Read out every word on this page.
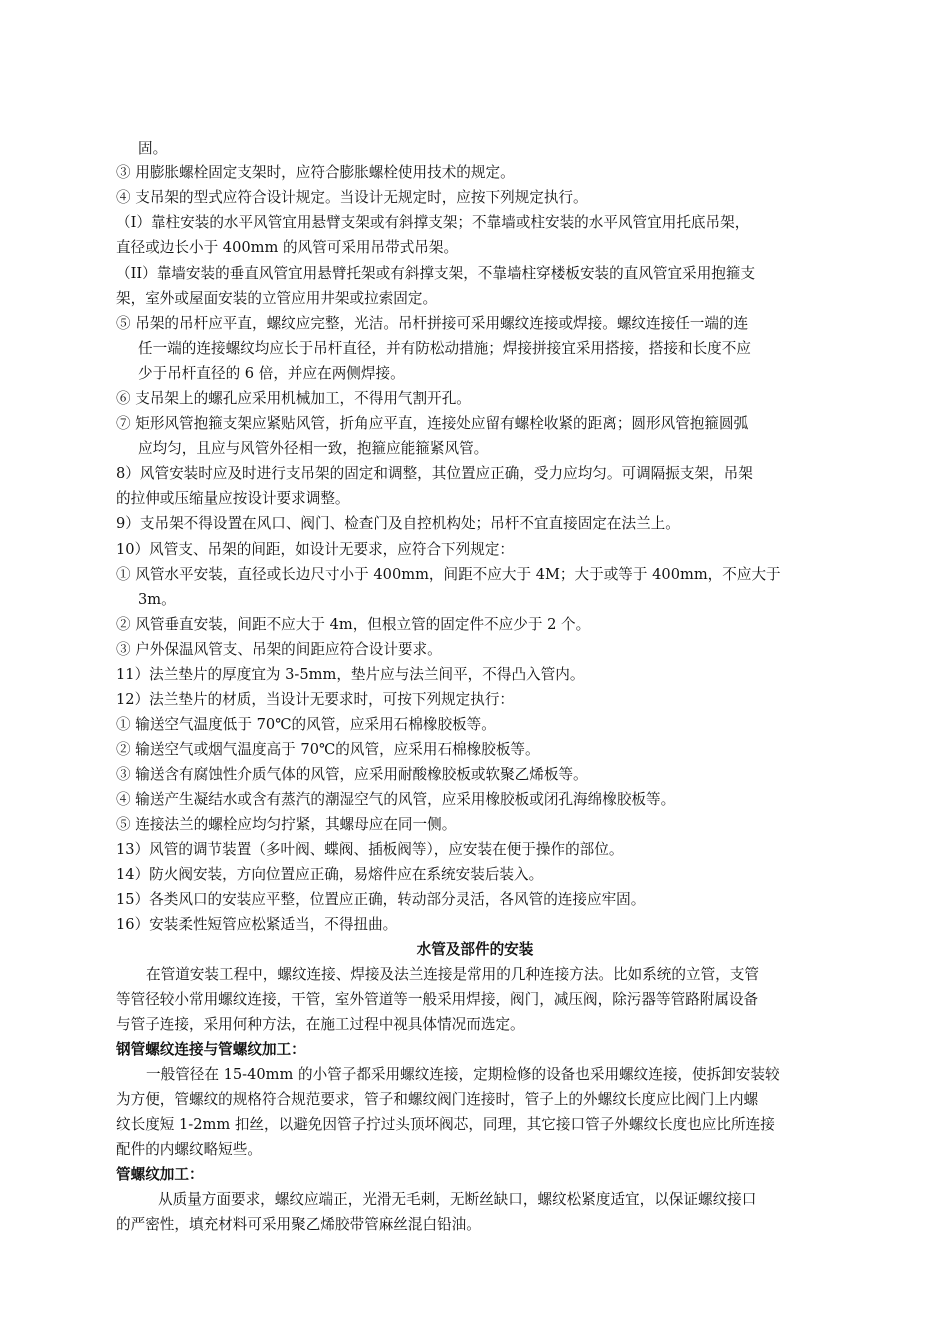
固。
③ 用膨胀螺栓固定支架时，应符合膨胀螺栓使用技术的规定。
④ 支吊架的型式应符合设计规定。当设计无规定时，应按下列规定执行。
（I）靠柱安装的水平风管宜用悬臂支架或有斜撑支架；不靠墙或柱安装的水平风管宜用托底吊架，
直径或边长小于 400mm 的风管可采用吊带式吊架。
（II）靠墙安装的垂直风管宜用悬臂托架或有斜撑支架，不靠墙柱穿楼板安装的直风管宜采用抱箍支
架，室外或屋面安装的立管应用井架或拉索固定。
⑤ 吊架的吊杆应平直，螺纹应完整，光洁。吊杆拼接可采用螺纹连接或焊接。螺纹连接任一端的连
任一端的连接螺纹均应长于吊杆直径，并有防松动措施；焊接拼接宜采用搭接，搭接和长度不应
少于吊杆直径的 6 倍，并应在两侧焊接。
⑥ 支吊架上的螺孔应采用机械加工，不得用气割开孔。
⑦ 矩形风管抱箍支架应紧贴风管，折角应平直，连接处应留有螺栓收紧的距离；圆形风管抱箍圆弧
应均匀，且应与风管外径相一致，抱箍应能箍紧风管。
8）风管安装时应及时进行支吊架的固定和调整，其位置应正确，受力应均匀。可调隔振支架，吊架
的拉伸或压缩量应按设计要求调整。
9）支吊架不得设置在风口、阀门、检查门及自控机构处；吊杆不宜直接固定在法兰上。
10）风管支、吊架的间距，如设计无要求，应符合下列规定：
① 风管水平安装，直径或长边尺寸小于 400mm，间距不应大于 4M；大于或等于 400mm，不应大于
3m。
② 风管垂直安装，间距不应大于 4m，但根立管的固定件不应少于 2 个。
③ 户外保温风管支、吊架的间距应符合设计要求。
11）法兰垫片的厚度宜为 3-5mm，垫片应与法兰间平，不得凸入管内。
12）法兰垫片的材质，当设计无要求时，可按下列规定执行：
① 输送空气温度低于 70℃的风管，应采用石棉橡胶板等。
② 输送空气或烟气温度高于 70℃的风管，应采用石棉橡胶板等。
③ 输送含有腐蚀性介质气体的风管，应采用耐酸橡胶板或软聚乙烯板等。
④ 输送产生凝结水或含有蒸汽的潮湿空气的风管，应采用橡胶板或闭孔海绵橡胶板等。
⑤ 连接法兰的螺栓应均匀拧紧，其螺母应在同一侧。
13）风管的调节装置（多叶阀、蝶阀、插板阀等），应安装在便于操作的部位。
14）防火阀安装，方向位置应正确，易熔件应在系统安装后装入。
15）各类风口的安装应平整，位置应正确，转动部分灵活，各风管的连接应牢固。
16）安装柔性短管应松紧适当，不得扭曲。
水管及部件的安装
在管道安装工程中，螺纹连接、焊接及法兰连接是常用的几种连接方法。比如系统的立管，支管
等管径较小常用螺纹连接，干管，室外管道等一般采用焊接，阀门，减压阀，除污器等管路附属设备
与管子连接，采用何种方法，在施工过程中视具体情况而选定。
钢管螺纹连接与管螺纹加工：
一般管径在 15-40mm 的小管子都采用螺纹连接，定期检修的设备也采用螺纹连接，使拆卸安装较
为方便，管螺纹的规格符合规范要求，管子和螺纹阀门连接时，管子上的外螺纹长度应比阀门上内螺
纹长度短 1-2mm 扣丝，以避免因管子拧过头顶坏阀芯，同理，其它接口管子外螺纹长度也应比所连接
配件的内螺纹略短些。
管螺纹加工：
从质量方面要求，螺纹应端正，光滑无毛刺，无断丝缺口，螺纹松紧度适宜，以保证螺纹接口
的严密性，填充材料可采用聚乙烯胶带管麻丝混白铅油。
